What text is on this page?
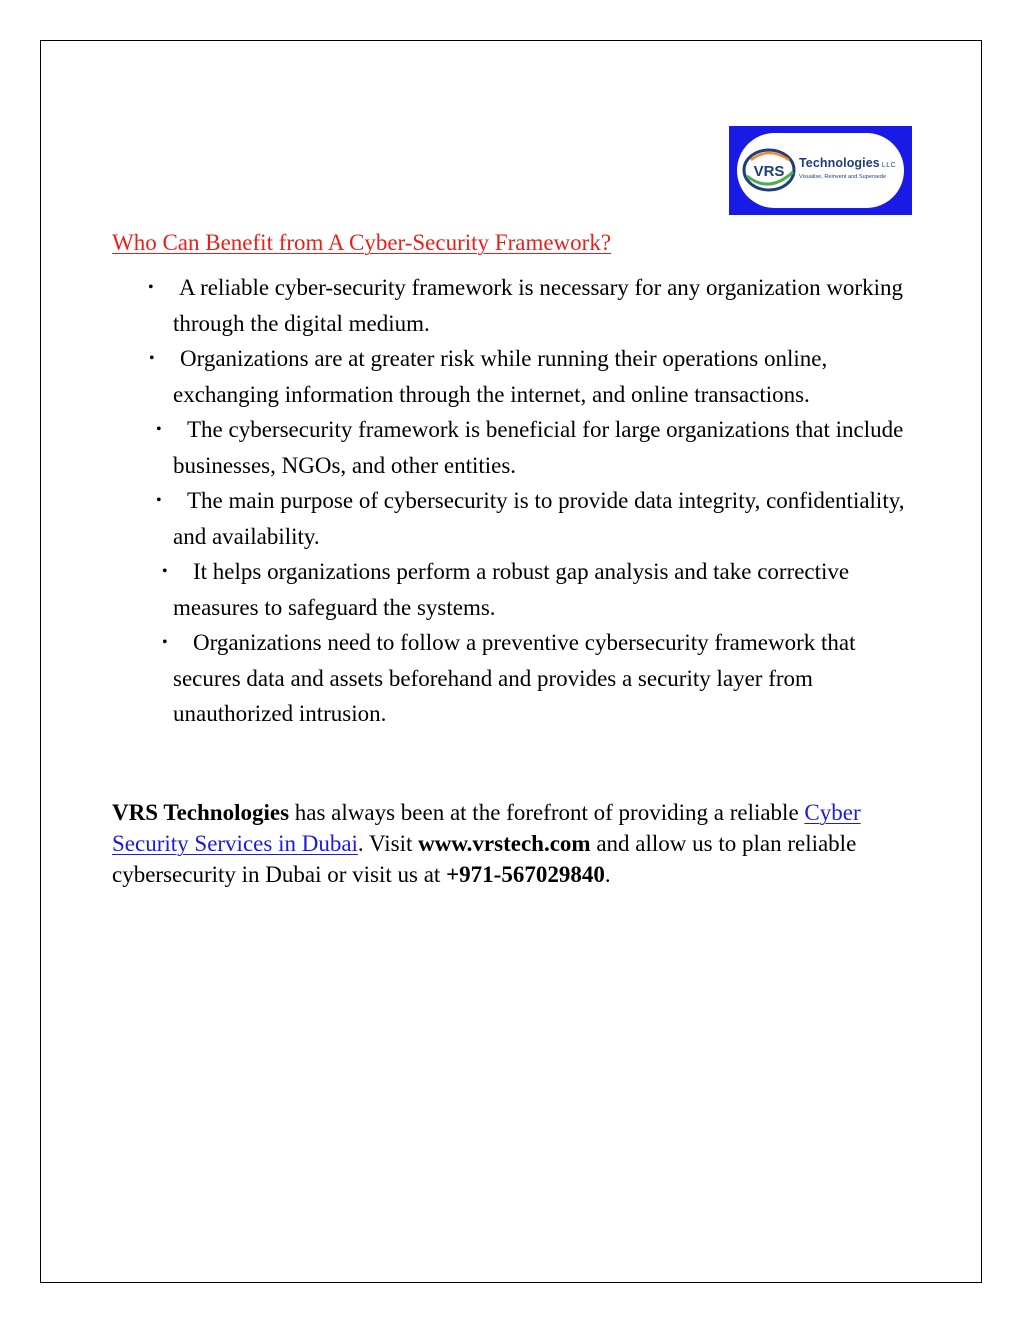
VRS Technologies LLC
Visualise, Reinvent and Supersede
Who Can Benefit from A Cyber-Security Framework?
• A reliable cyber-security framework is necessary for any organization working through the digital medium.
• Organizations are at greater risk while running their operations online, exchanging information through the internet, and online transactions.
• The cybersecurity framework is beneficial for large organizations that include businesses, NGOs, and other entities.
• The main purpose of cybersecurity is to provide data integrity, confidentiality, and availability.
• It helps organizations perform a robust gap analysis and take corrective measures to safeguard the systems.
• Organizations need to follow a preventive cybersecurity framework that secures data and assets beforehand and provides a security layer from unauthorized intrusion.

VRS Technologies has always been at the forefront of providing a reliable Cyber Security Services in Dubai. Visit www.vrstech.com and allow us to plan reliable cybersecurity in Dubai or visit us at +971-567029840.
